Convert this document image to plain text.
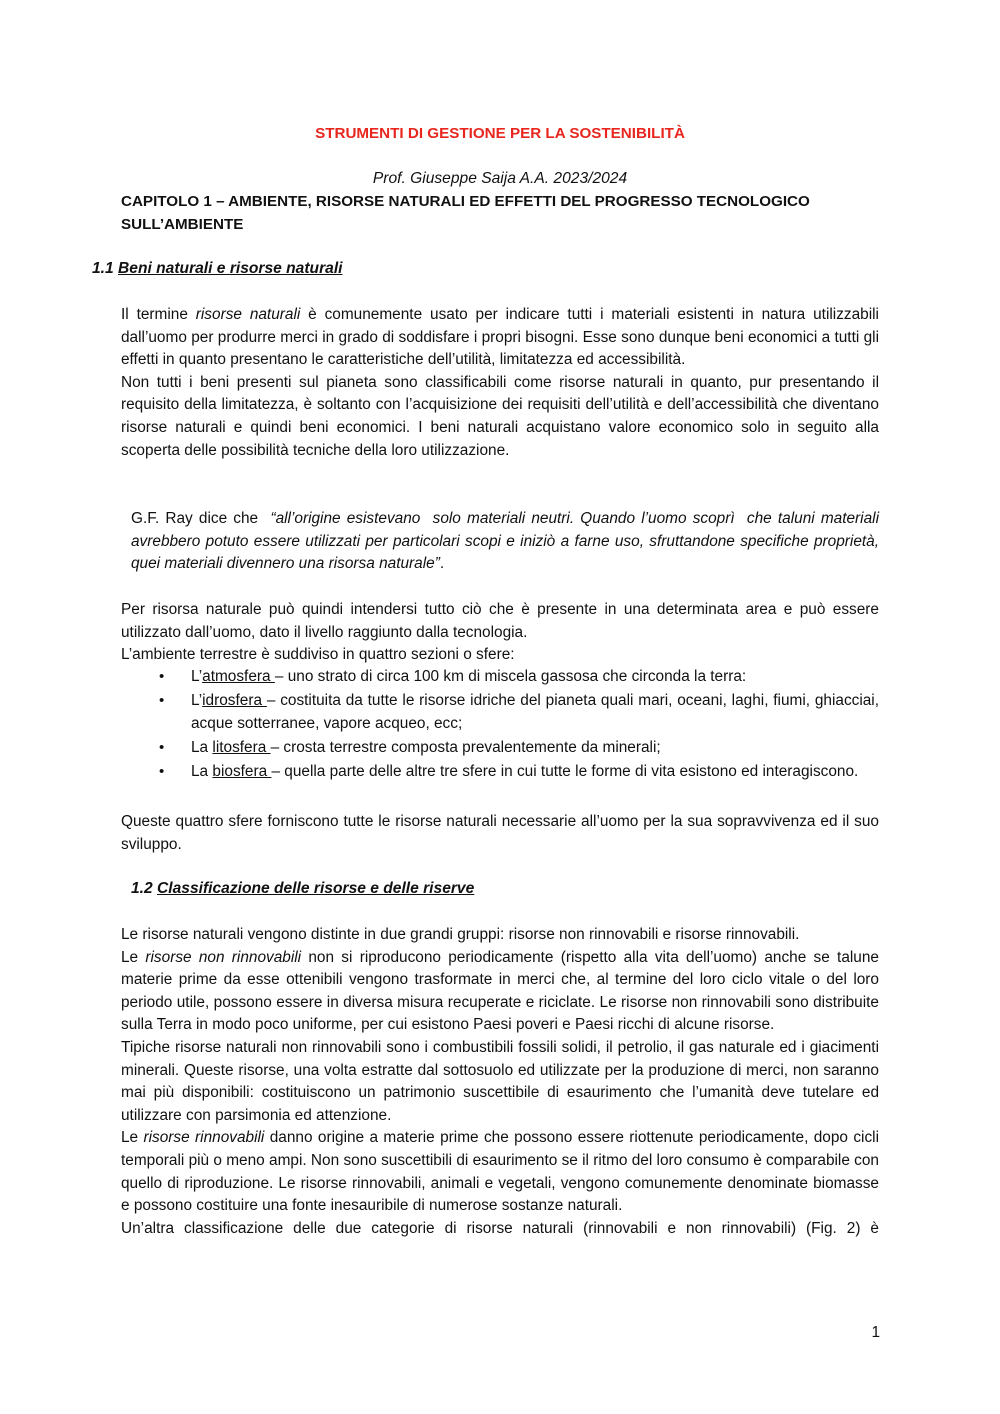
STRUMENTI DI GESTIONE PER LA SOSTENIBILITÀ
Prof. Giuseppe Saija A.A. 2023/2024
CAPITOLO 1 – AMBIENTE, RISORSE NATURALI ED EFFETTI DEL PROGRESSO TECNOLOGICO
SULL’AMBIENTE
1.1 Beni naturali e risorse naturali

Il termine risorse naturali è comunemente usato per indicare tutti i materiali esistenti in natura utilizzabili dall’uomo per produrre merci in grado di soddisfare i propri bisogni. Esse sono dunque beni economici a tutti gli effetti in quanto presentano le caratteristiche dell’utilità, limitatezza ed accessibilità.

Non tutti i beni presenti sul pianeta sono classificabili come risorse naturali in quanto, pur presentando il requisito della limitatezza, è soltanto con l’acquisizione dei requisiti dell’utilità e dell’accessibilità che diventano risorse naturali e quindi beni economici. I beni naturali acquistano valore economico solo in seguito alla scoperta delle possibilità tecniche della loro utilizzazione.

G.F. Ray dice che  “all’origine esistevano  solo materiali neutri. Quando l’uomo scoprì  che taluni materiali avrebbero potuto essere utilizzati per particolari scopi e iniziò a farne uso, sfruttandone specifiche proprietà, quei materiali divennero una risorsa naturale”.

Per risorsa naturale può quindi intendersi tutto ciò che è presente in una determinata area e può essere utilizzato dall’uomo, dato il livello raggiunto dalla tecnologia.

L’ambiente terrestre è suddiviso in quattro sezioni o sfere:

• L’atmosfera – uno strato di circa 100 km di miscela gassosa che circonda la terra:

• L’idrosfera – costituita da tutte le risorse idriche del pianeta quali mari, oceani, laghi, fiumi, ghiacciai, acque sotterranee, vapore acqueo, ecc;

• La litosfera – crosta terrestre composta prevalentemente da minerali;

• La biosfera – quella parte delle altre tre sfere in cui tutte le forme di vita esistono ed interagiscono.

Queste quattro sfere forniscono tutte le risorse naturali necessarie all’uomo per la sua sopravvivenza ed il suo sviluppo.

1.2 Classificazione delle risorse e delle riserve

Le risorse naturali vengono distinte in due grandi gruppi: risorse non rinnovabili e risorse rinnovabili.

Le risorse non rinnovabili non si riproducono periodicamente (rispetto alla vita dell’uomo) anche se talune materie prime da esse ottenibili vengono trasformate in merci che, al termine del loro ciclo vitale o del loro periodo utile, possono essere in diversa misura recuperate e riciclate. Le risorse non rinnovabili sono distribuite sulla Terra in modo poco uniforme, per cui esistono Paesi poveri e Paesi ricchi di alcune risorse.

Tipiche risorse naturali non rinnovabili sono i combustibili fossili solidi, il petrolio, il gas naturale ed i giacimenti minerali. Queste risorse, una volta estratte dal sottosuolo ed utilizzate per la produzione di merci, non saranno mai più disponibili: costituiscono un patrimonio suscettibile di esaurimento che l’umanità deve tutelare ed utilizzare con parsimonia ed attenzione.

Le risorse rinnovabili danno origine a materie prime che possono essere riottenute periodicamente, dopo cicli temporali più o meno ampi. Non sono suscettibili di esaurimento se il ritmo del loro consumo è comparabile con quello di riproduzione. Le risorse rinnovabili, animali e vegetali, vengono comunemente denominate biomasse e possono costituire una fonte inesauribile di numerose sostanze naturali.

Un’altra classificazione delle due categorie di risorse naturali (rinnovabili e non rinnovabili) (Fig. 2) è

1
